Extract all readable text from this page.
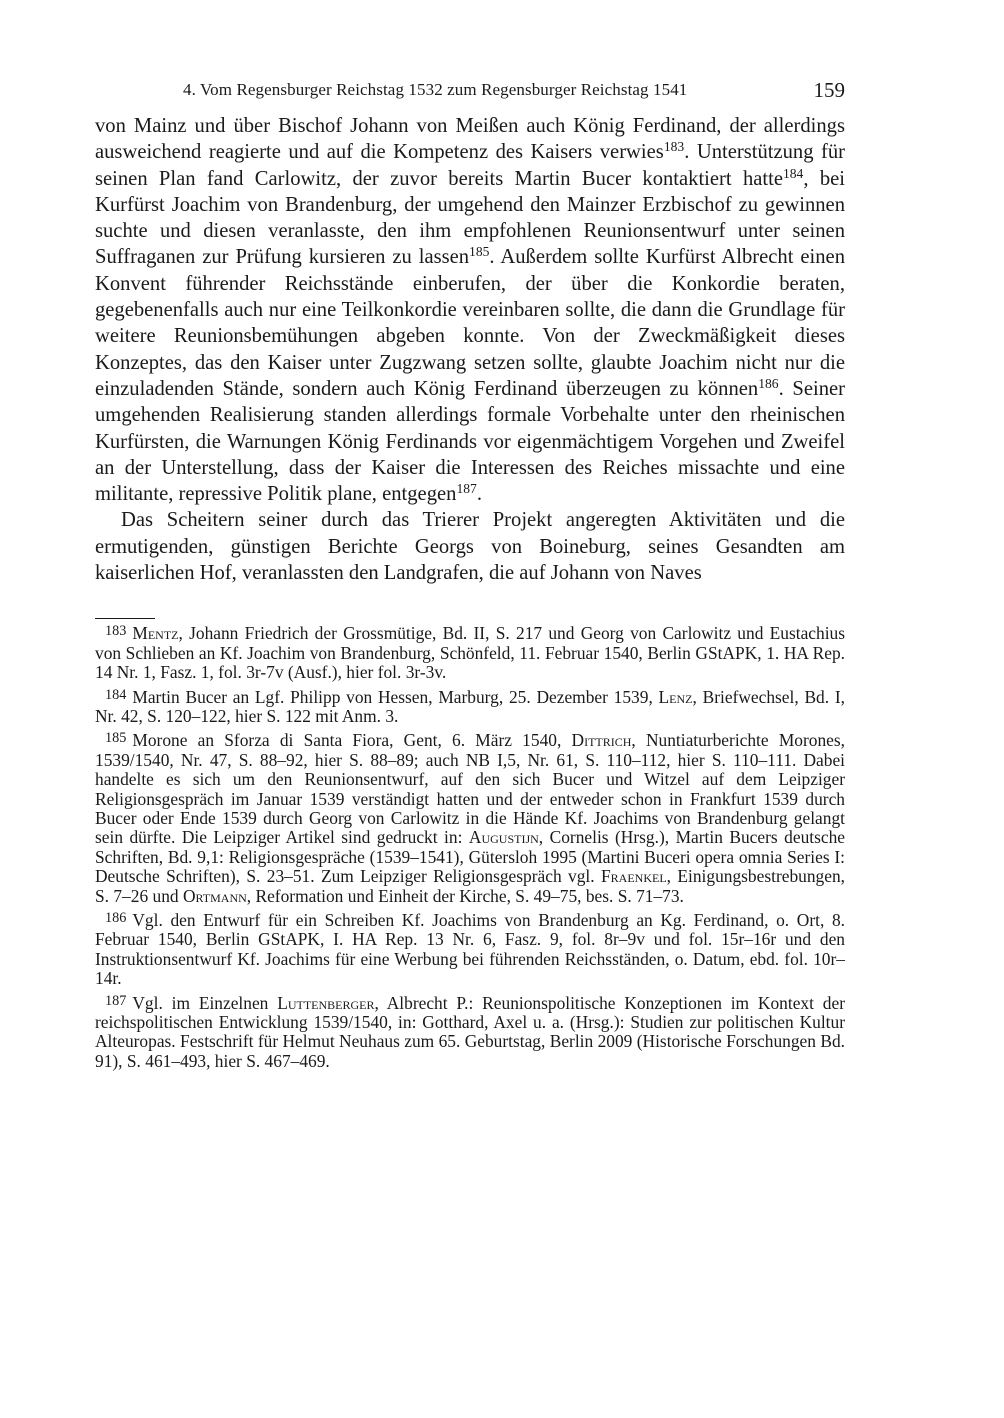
4. Vom Regensburger Reichstag 1532 zum Regensburger Reichstag 1541	159

von Mainz und über Bischof Johann von Meißen auch König Ferdinand, der allerdings ausweichend reagierte und auf die Kompetenz des Kaisers verwies$^{183}$. Unterstützung für seinen Plan fand Carlowitz, der zuvor bereits Martin Bucer kontaktiert hatte$^{184}$, bei Kurfürst Joachim von Brandenburg, der umgehend den Mainzer Erzbischof zu gewinnen suchte und diesen veranlasste, den ihm empfohlenen Reunionsentwurf unter seinen Suffraganen zur Prüfung kursieren zu lassen$^{185}$. Außerdem sollte Kurfürst Albrecht einen Konvent führender Reichsstände einberufen, der über die Konkordie beraten, gegebenenfalls auch nur eine Teilkonkordie vereinbaren sollte, die dann die Grundlage für weitere Reunionsbemühungen abgeben konnte. Von der Zweckmäßigkeit dieses Konzeptes, das den Kaiser unter Zugzwang setzen sollte, glaubte Joachim nicht nur die einzuladenden Stände, sondern auch König Ferdinand überzeugen zu können$^{186}$. Seiner umgehenden Realisierung standen allerdings formale Vorbehalte unter den rheinischen Kurfürsten, die Warnungen König Ferdinands vor eigenmächtigem Vorgehen und Zweifel an der Unterstellung, dass der Kaiser die Interessen des Reiches missachte und eine militante, repressive Politik plane, entgegen$^{187}$.

Das Scheitern seiner durch das Trierer Projekt angeregten Aktivitäten und die ermutigenden, günstigen Berichte Georgs von Boineburg, seines Gesandten am kaiserlichen Hof, veranlassten den Landgrafen, die auf Johann von Naves

$^{183}$ Mentz, Johann Friedrich der Grossmütige, Bd. II, S. 217 und Georg von Carlowitz und Eustachius von Schlieben an Kf. Joachim von Brandenburg, Schönfeld, 11. Februar 1540, Berlin GStAPK, 1. HA Rep. 14 Nr. 1, Fasz. 1, fol. 3r-7v (Ausf.), hier fol. 3r-3v.

$^{184}$ Martin Bucer an Lgf. Philipp von Hessen, Marburg, 25. Dezember 1539, Lenz, Briefwechsel, Bd. I, Nr. 42, S. 120–122, hier S. 122 mit Anm. 3.

$^{185}$ Morone an Sforza di Santa Fiora, Gent, 6. März 1540, Dittrich, Nuntiaturberichte Morones, 1539/1540, Nr. 47, S. 88–92, hier S. 88–89; auch NB I,5, Nr. 61, S. 110–112, hier S. 110–111. Dabei handelte es sich um den Reunionsentwurf, auf den sich Bucer und Witzel auf dem Leipziger Religionsgespräch im Januar 1539 verständigt hatten und der entweder schon in Frankfurt 1539 durch Bucer oder Ende 1539 durch Georg von Carlowitz in die Hände Kf. Joachims von Brandenburg gelangt sein dürfte. Die Leipziger Artikel sind gedruckt in: Augustijn, Cornelis (Hrsg.), Martin Bucers deutsche Schriften, Bd. 9,1: Religionsgespräche (1539–1541), Gütersloh 1995 (Martini Buceri opera omnia Series I: Deutsche Schriften), S. 23–51. Zum Leipziger Religionsgespräch vgl. Fraenkel, Einigungsbestrebungen, S. 7–26 und Ortmann, Reformation und Einheit der Kirche, S. 49–75, bes. S. 71–73.

$^{186}$ Vgl. den Entwurf für ein Schreiben Kf. Joachims von Brandenburg an Kg. Ferdinand, o. Ort, 8. Februar 1540, Berlin GStAPK, I. HA Rep. 13 Nr. 6, Fasz. 9, fol. 8r–9v und fol. 15r–16r und den Instruktionsentwurf Kf. Joachims für eine Werbung bei führenden Reichsständen, o. Datum, ebd. fol. 10r–14r.

$^{187}$ Vgl. im Einzelnen Luttenberger, Albrecht P.: Reunionspolitische Konzeptionen im Kontext der reichspolitischen Entwicklung 1539/1540, in: Gotthard, Axel u. a. (Hrsg.): Studien zur politischen Kultur Alteuropas. Festschrift für Helmut Neuhaus zum 65. Geburtstag, Berlin 2009 (Historische Forschungen Bd. 91), S. 461–493, hier S. 467–469.
